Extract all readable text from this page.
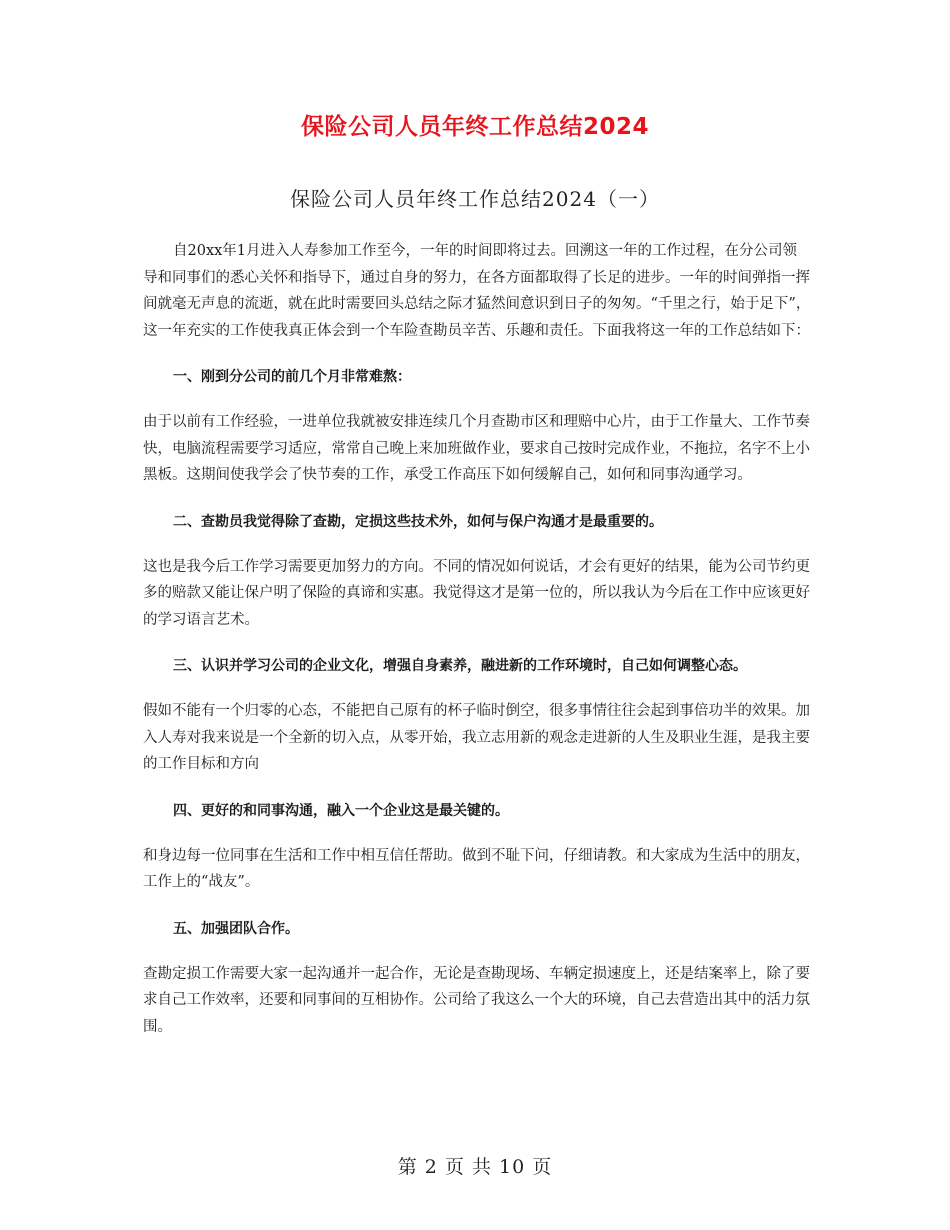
保险公司人员年终工作总结2024
保险公司人员年终工作总结2024（一）

自20xx年1月进入人寿参加工作至今，一年的时间即将过去。回溯这一年的工作过程，在分公司领导和同事们的悉心关怀和指导下，通过自身的努力，在各方面都取得了长足的进步。一年的时间弹指一挥间就毫无声息的流逝，就在此时需要回头总结之际才猛然间意识到日子的匆匆。“千里之行，始于足下”，这一年充实的工作使我真正体会到一个车险查勘员辛苦、乐趣和责任。下面我将这一年的工作总结如下：

一、刚到分公司的前几个月非常难熬：

由于以前有工作经验，一进单位我就被安排连续几个月查勘市区和理赔中心片，由于工作量大、工作节奏快，电脑流程需要学习适应，常常自己晚上来加班做作业，要求自己按时完成作业，不拖拉，名字不上小黑板。这期间使我学会了快节奏的工作，承受工作高压下如何缓解自己，如何和同事沟通学习。

二、查勘员我觉得除了查勘，定损这些技术外，如何与保户沟通才是最重要的。

这也是我今后工作学习需要更加努力的方向。不同的情况如何说话，才会有更好的结果，能为公司节约更多的赔款又能让保户明了保险的真谛和实惠。我觉得这才是第一位的，所以我认为今后在工作中应该更好的学习语言艺术。

三、认识并学习公司的企业文化，增强自身素养，融进新的工作环境时，自己如何调整心态。

假如不能有一个归零的心态，不能把自己原有的杯子临时倒空，很多事情往往会起到事倍功半的效果。加入人寿对我来说是一个全新的切入点，从零开始，我立志用新的观念走进新的人生及职业生涯，是我主要的工作目标和方向

四、更好的和同事沟通，融入一个企业这是最关键的。

和身边每一位同事在生活和工作中相互信任帮助。做到不耻下问，仔细请教。和大家成为生活中的朋友，工作上的“战友”。

五、加强团队合作。

查勘定损工作需要大家一起沟通并一起合作，无论是查勘现场、车辆定损速度上，还是结案率上，除了要求自己工作效率，还要和同事间的互相协作。公司给了我这么一个大的环境，自己去营造出其中的活力氛围。

第 2 页 共 10 页
